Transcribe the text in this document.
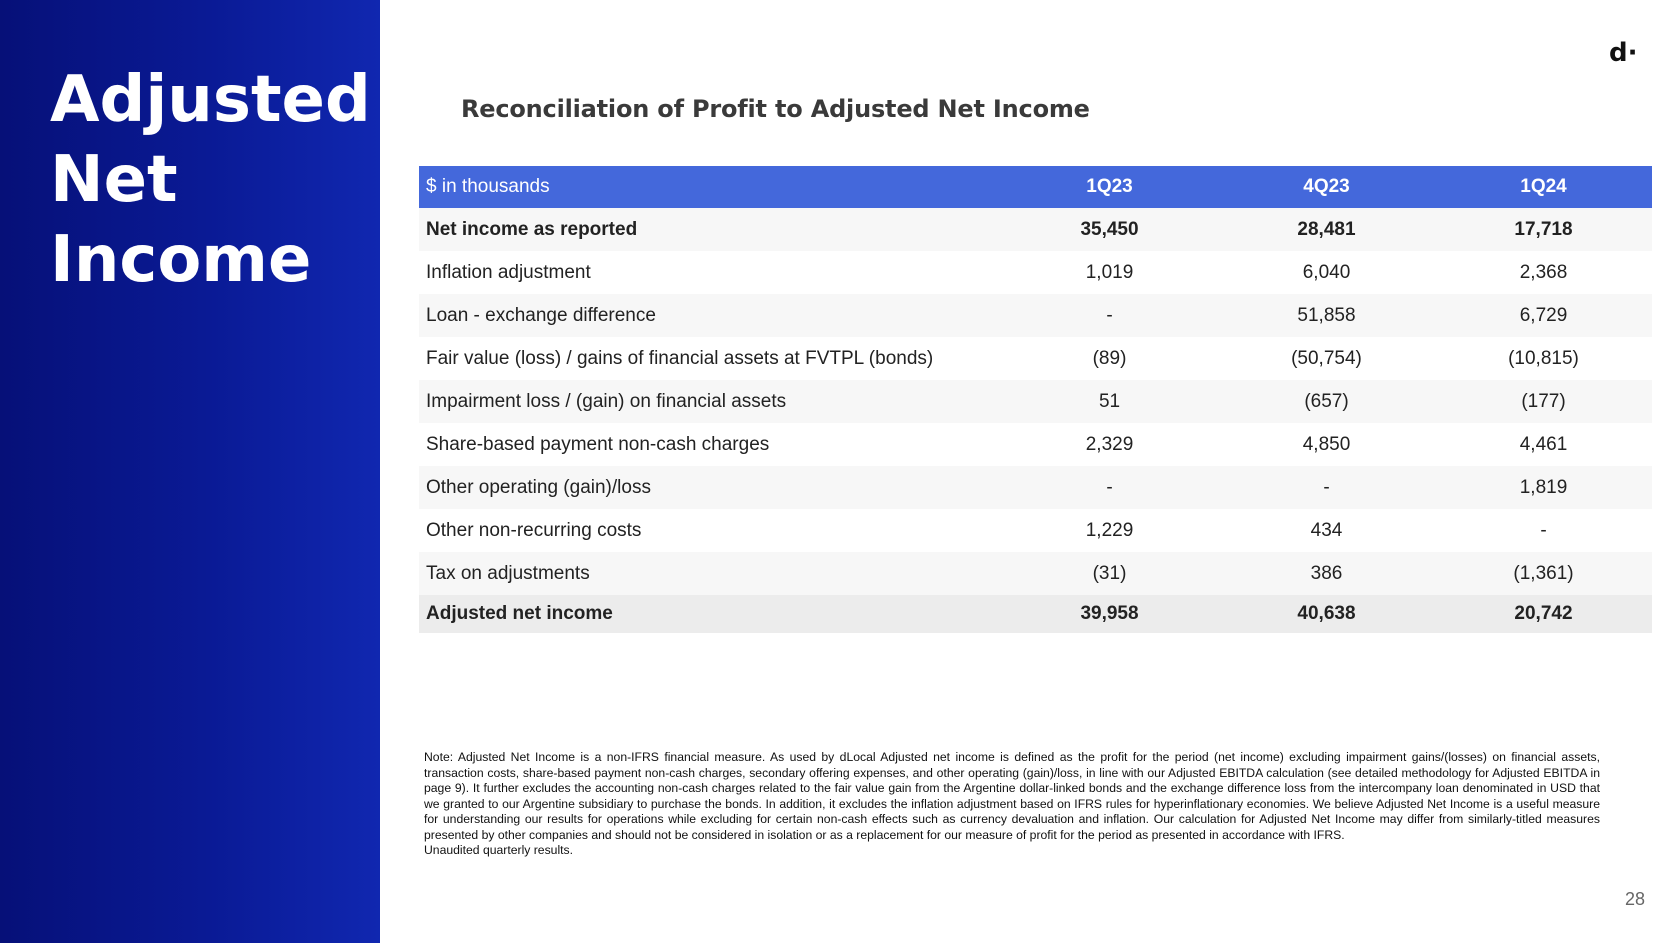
Adjusted
Net
Income
d·
Reconciliation of Profit to Adjusted Net Income
$ in thousands	1Q23	4Q23	1Q24
Net income as reported	35,450	28,481	17,718
Inflation adjustment	1,019	6,040	2,368
Loan - exchange difference	-	51,858	6,729
Fair value (loss) / gains of financial assets at FVTPL (bonds)	(89)	(50,754)	(10,815)
Impairment loss / (gain) on financial assets	51	(657)	(177)
Share-based payment non-cash charges	2,329	4,850	4,461
Other operating (gain)/loss	-	-	1,819
Other non-recurring costs	1,229	434	-
Tax on adjustments	(31)	386	(1,361)
Adjusted net income	39,958	40,638	20,742

Note: Adjusted Net Income is a non-IFRS financial measure. As used by dLocal Adjusted net income is defined as the profit for the period (net income) excluding impairment gains/(losses) on financial assets, transaction costs, share-based payment non-cash charges, secondary offering expenses, and other operating (gain)/loss, in line with our Adjusted EBITDA calculation (see detailed methodology for Adjusted EBITDA in page 9). It further excludes the accounting non-cash charges related to the fair value gain from the Argentine dollar-linked bonds and the exchange difference loss from the intercompany loan denominated in USD that we granted to our Argentine subsidiary to purchase the bonds. In addition, it excludes the inflation adjustment based on IFRS rules for hyperinflationary economies. We believe Adjusted Net Income is a useful measure for understanding our results for operations while excluding for certain non-cash effects such as currency devaluation and inflation. Our calculation for Adjusted Net Income may differ from similarly-titled measures presented by other companies and should not be considered in isolation or as a replacement for our measure of profit for the period as presented in accordance with IFRS.

Unaudited quarterly results.

28
